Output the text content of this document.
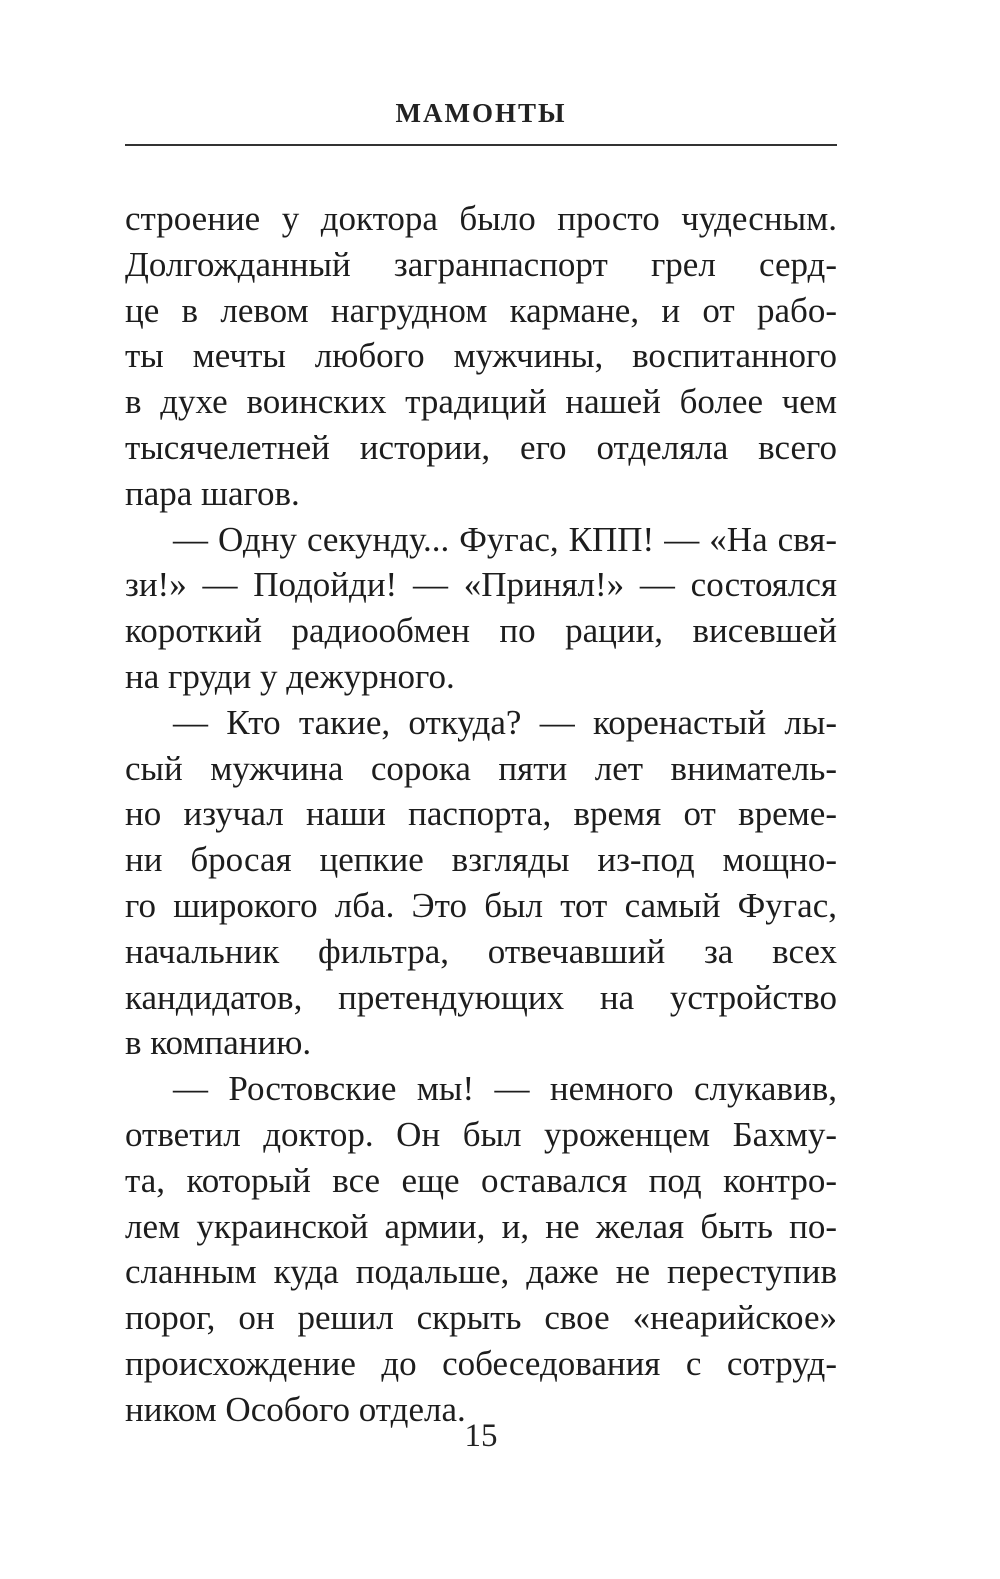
МАМОНТЫ
строение у доктора было просто чудесным.
Долгожданный загранпаспорт грел серд-
це в левом нагрудном кармане, и от рабо-
ты мечты любого мужчины, воспитанного
в духе воинских традиций нашей более чем
тысячелетней истории, его отделяла всего
пара шагов.
— Одну секунду... Фугас, КПП! — «На свя-
зи!» — Подойди! — «Принял!» — состоялся
короткий радиообмен по рации, висевшей
на груди у дежурного.
— Кто такие, откуда? — коренастый лы-
сый мужчина сорока пяти лет вниматель-
но изучал наши паспорта, время от време-
ни бросая цепкие взгляды из-под мощно-
го широкого лба. Это был тот самый Фугас,
начальник фильтра, отвечавший за всех
кандидатов, претендующих на устройство
в компанию.
— Ростовские мы! — немного слукавив,
ответил доктор. Он был уроженцем Бахму-
та, который все еще оставался под контро-
лем украинской армии, и, не желая быть по-
сланным куда подальше, даже не переступив
порог, он решил скрыть свое «неарийское»
происхождение до собеседования с сотруд-
ником Особого отдела.
15
